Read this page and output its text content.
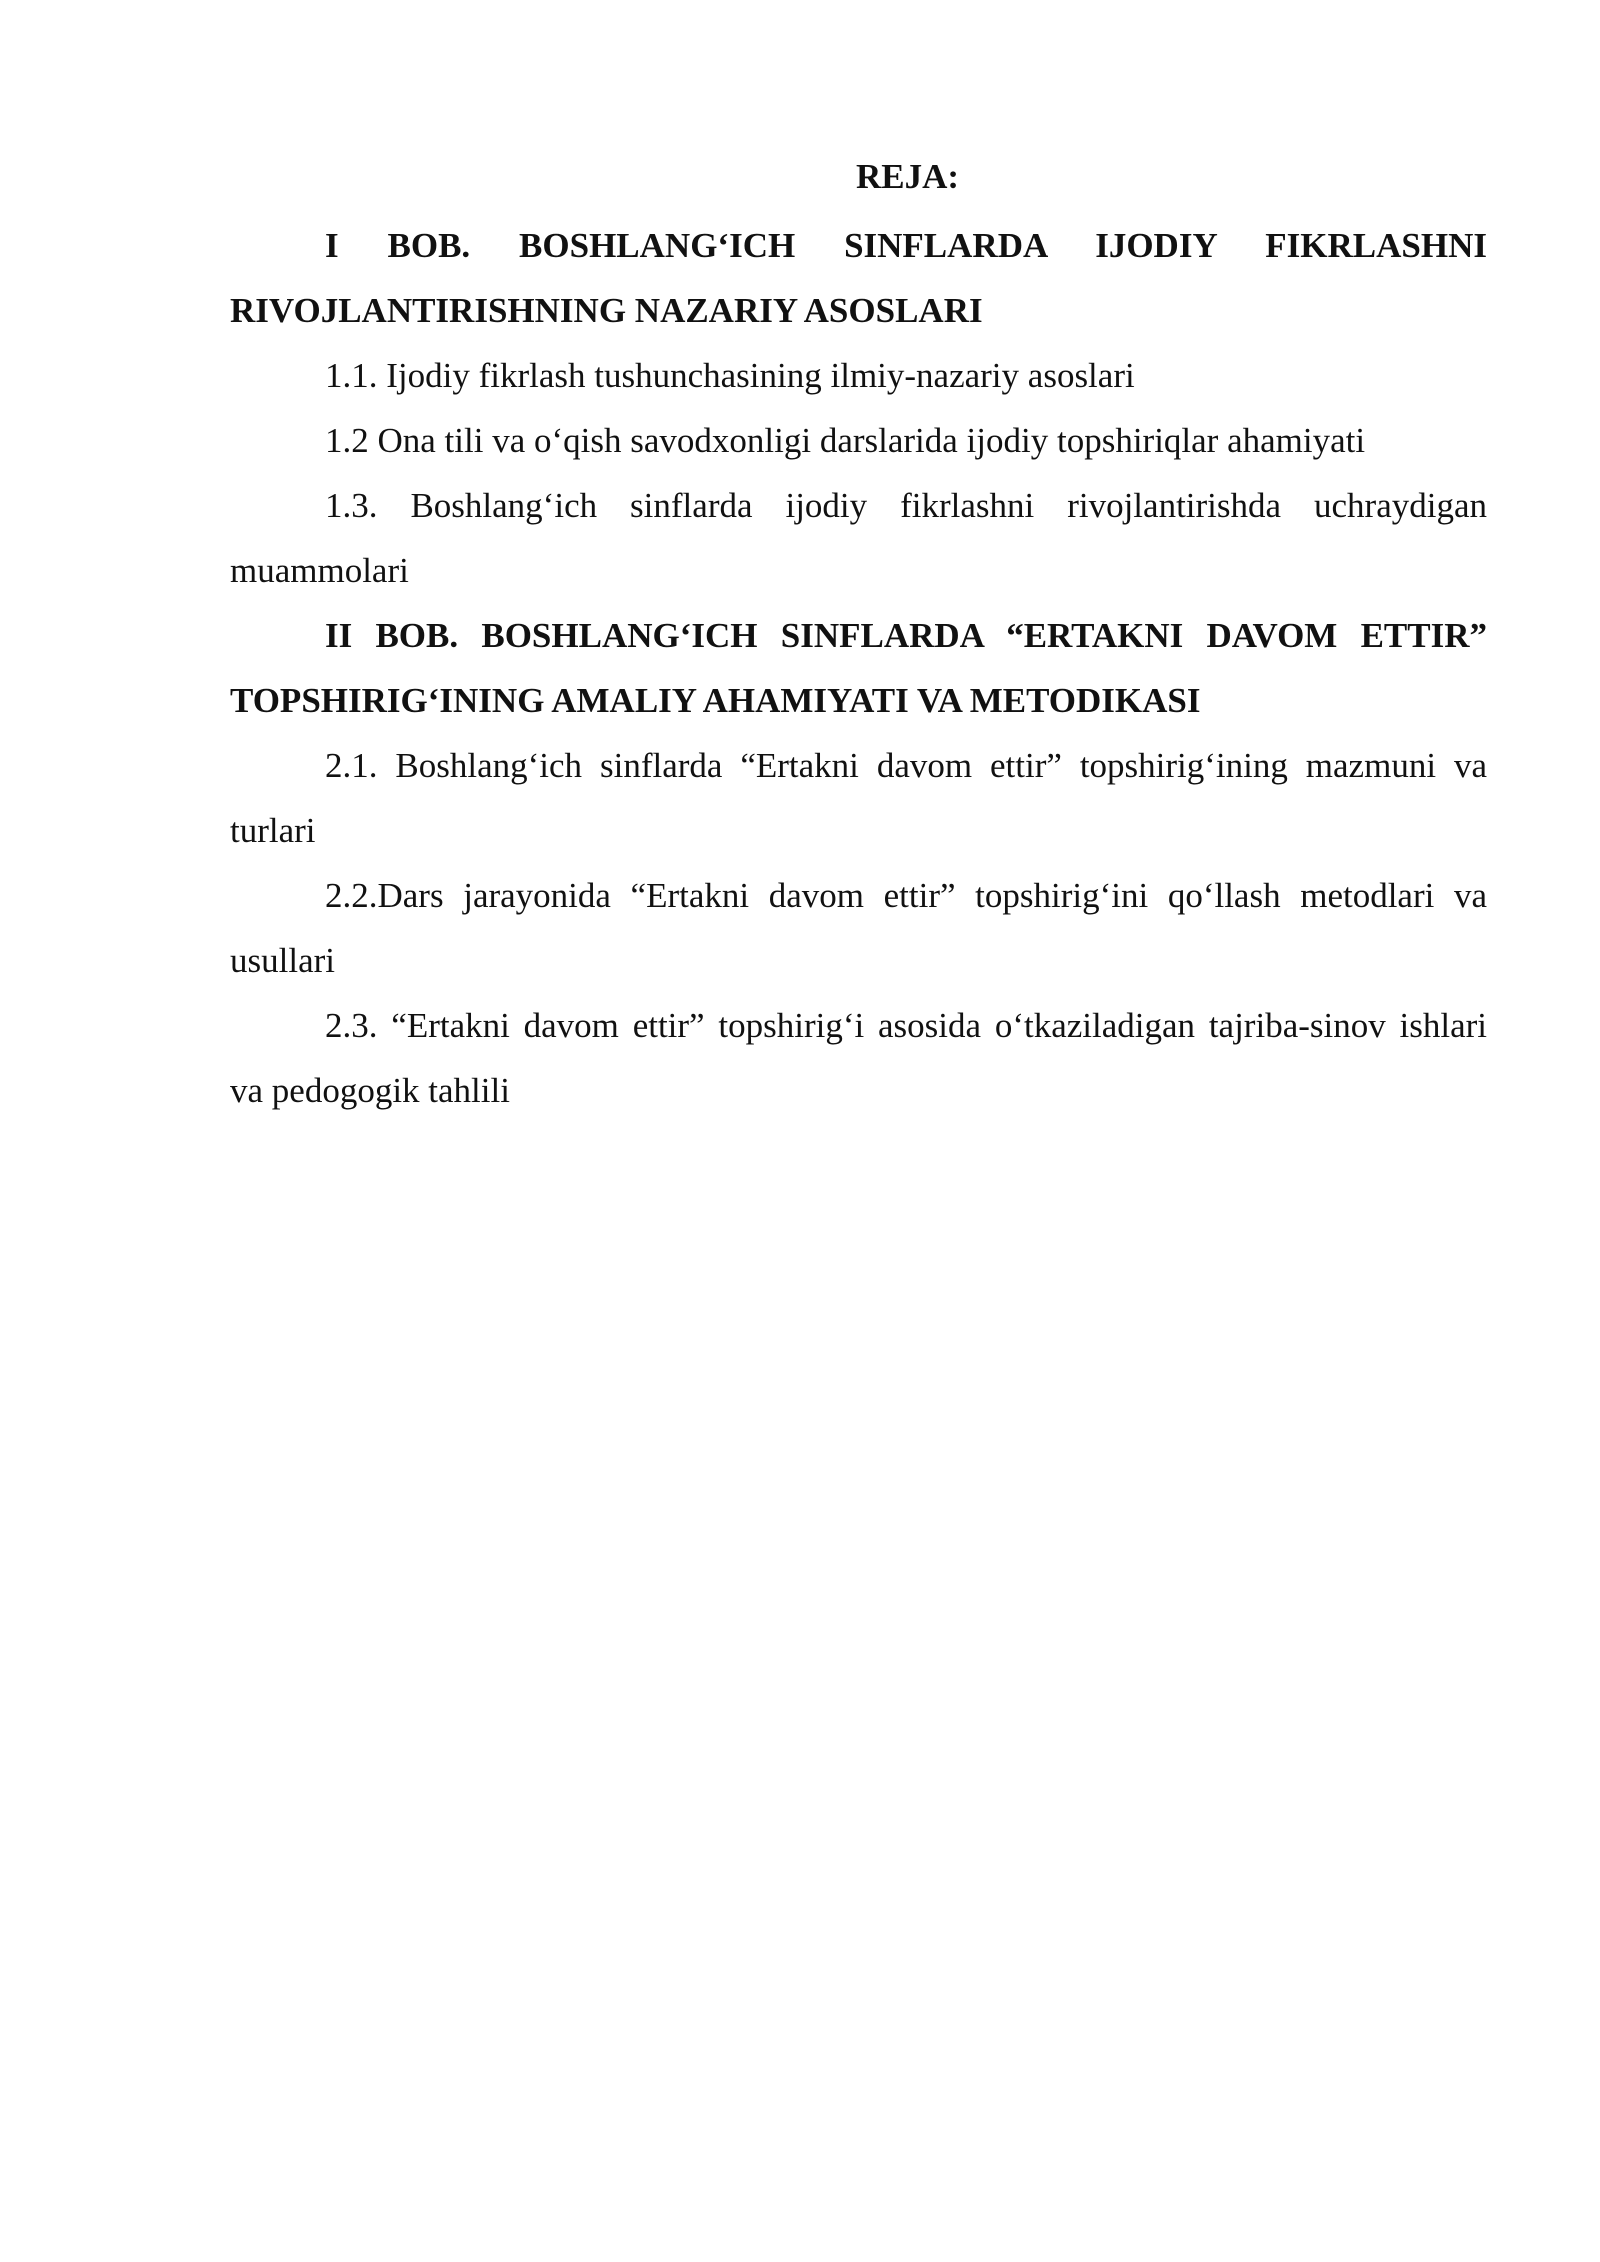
REJA:

I BOB. BOSHLANG‘ICH SINFLARDA IJODIY FIKRLASHNI RIVOJLANTIRISHNING NAZARIY ASOSLARI

1.1. Ijodiy fikrlash tushunchasining ilmiy-nazariy asoslari

1.2 Ona tili va o‘qish savodxonligi darslarida ijodiy topshiriqlar ahamiyati

1.3. Boshlang‘ich sinflarda ijodiy fikrlashni rivojlantirishda uchraydigan muammolari

II BOB. BOSHLANG‘ICH SINFLARDA “ERTAKNI DAVOM ETTIR” TOPSHIRIG‘INING AMALIY AHAMIYATI VA METODIKASI

2.1. Boshlang‘ich sinflarda “Ertakni davom ettir” topshirig‘ining mazmuni va turlari

2.2.Dars jarayonida “Ertakni davom ettir” topshirig‘ini qo‘llash metodlari va usullari

2.3. “Ertakni davom ettir” topshirig‘i asosida o‘tkaziladigan tajriba-sinov ishlari va pedogogik tahlili
